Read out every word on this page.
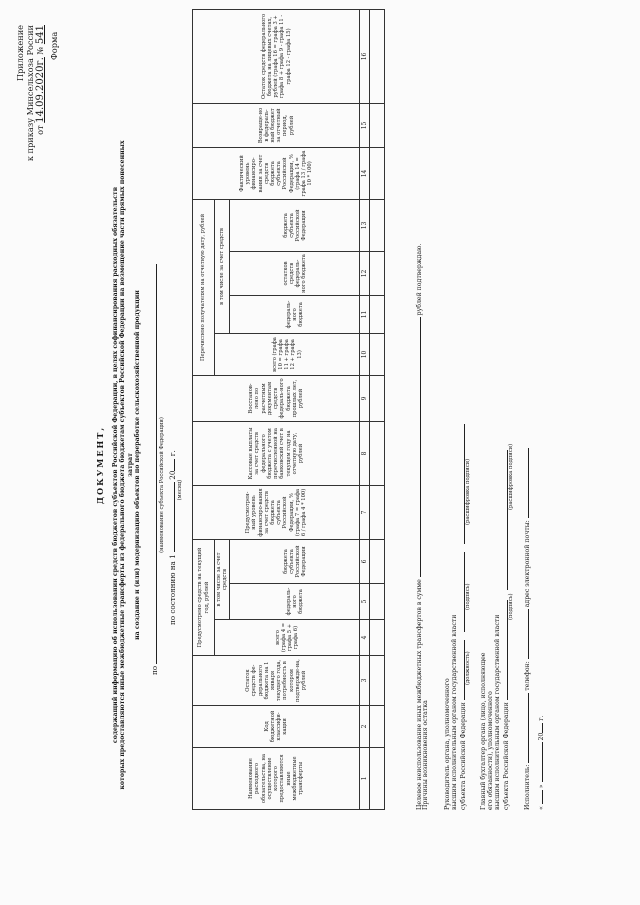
Приложение к приказу Минсельхоза России от 14.09.2020г. № 541 Форма
ДОКУМЕНТ, содержащий информацию об использовании средств бюджетов субъектов Российской Федерации, в целях софинансирования расходных обязательств которых предоставляются иные межбюджетные трансферты из федерального бюджета бюджетам субъектов Российской Федерации на возмещение части прямых понесенных затрат на создание и (или) модернизацию объектов по переработке сельскохозяйственной продукции
по
(наименование субъекта Российской Федерации)
по состоянию на 1  20 г.
(месяц)
Наименование расходного обязательства, на осуществление которого предоставляются иные межбюджетные трансферты	Код бюджетной классифи-кации	Остаток средств фе-дерального бюджета на 1 января текущего года, потребность в котором подтвержде-на, рублей	Предусмотрено средств на текущий год, рублей			Предусмотрен-ный уровень финансиро-вания за счет средств бюджета субъекта Российской Федерации, % (графа 7 = графа 6 / графа 4 * 100)	Кассовые выплаты за счет средств федерального бюджета с учетом перечисленной на банковский счет в текущем году на отчетную дату, рублей	Восстанов-лено по расчетным документам средств федераль-ного бюджета прошлых лет, рублей	Перечислено получателям на отчетную дату, рублей				Фактический уровень финансиро-вания за счет средств бюджета субъекта Российской Федерации, % (графа 14 = графа 13 / графа 10 * 100)	Возвраще-но в федераль-ный бюджет за отчетный период, рублей	Остаток средств федерального бюджета на лицевых счетах, рублей (графа 16 = графа 3 + графа 8 + графа 9 - графа 11 - графа 12 - графа 15)
			всего (графа 4 = графа 5 + графа 6)	в том числе за счет средств					всего (графа 10 = графа 11 + графа 12 + графа 13)	в том числе за счет средств					
				федераль-ного бюджета	бюджета субъекта Российской Федерации					федераль-ного бюджета	остатков средств федераль-ного бюджета	бюджета субъекта Российской Федерации			
1	2	3	4	5	6	7	8	9	10	11	12	13	14	15	16

Целевое неиспользование иных межбюджетных трансфертов в сумме  рублей подтверждаю.
Причины возникновения остатка Руководитель органа, уполномоченного высшим исполнительным органом государственной власти субъекта Российской Федерации
(должность)
(подпись)
(расшифровка подписи)
Главный бухгалтер органа (лицо, исполняющее его обязанности), уполномоченного высшим исполнительным органом государственной власти субъекта Российской Федерации
(подпись)
(расшифровка подписи)
Исполнитель:  телефон:  адрес электронной почты:
«  »  20 г.
